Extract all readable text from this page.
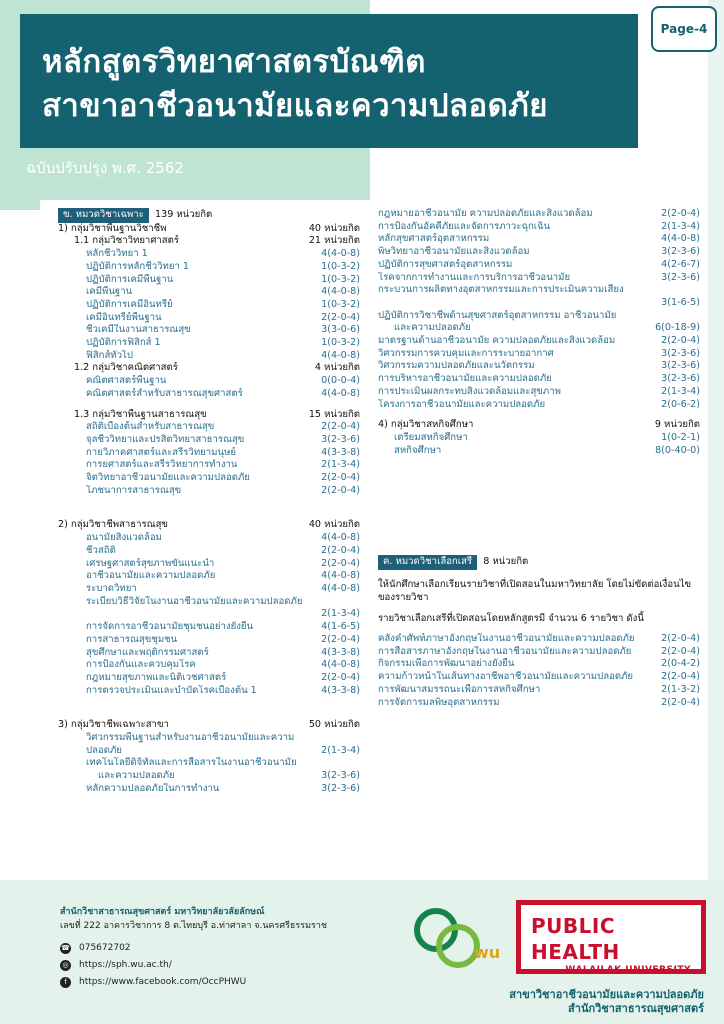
หลักสูตรวิทยาศาสตรบัณฑิต
สาขาอาชีวอนามัยและความปลอดภัย
Page-4
ฉบับปรับปรุง พ.ศ. 2562
ข. หมวดวิชาเฉพาะ 139 หน่วยกิต
1) กลุ่มวิชาพื้นฐานวิชาชีพ	40 หน่วยกิต
1.1 กลุ่มวิชาวิทยาศาสตร์	21 หน่วยกิต
หลักชีววิทยา 1	4(4-0-8)
ปฏิบัติการหลักชีววิทยา 1	1(0-3-2)
ปฏิบัติการเคมีพื้นฐาน	1(0-3-2)
เคมีพื้นฐาน	4(4-0-8)
ปฏิบัติการเคมีอินทรีย์	1(0-3-2)
เคมีอินทรีย์พื้นฐาน	2(2-0-4)
ชีวเคมีในงานสาธารณสุข	3(3-0-6)
ปฏิบัติการฟิสิกส์ 1	1(0-3-2)
ฟิสิกส์ทั่วไป	4(4-0-8)
1.2 กลุ่มวิชาคณิตศาสตร์	4 หน่วยกิต
คณิตศาสตร์พื้นฐาน	0(0-0-4)
คณิตศาสตร์สำหรับสาธารณสุขศาสตร์	4(4-0-8)
1.3 กลุ่มวิชาพื้นฐานสาธารณสุข	15 หน่วยกิต
สถิติเบื้องต้นสำหรับสาธารณสุข	2(2-0-4)
จุลชีววิทยาและปรสิตวิทยาสาธารณสุข	3(2-3-6)
กายวิภาคศาสตร์และสรีรวิทยามนุษย์	4(3-3-8)
การยศาสตร์และสรีรวิทยาการทำงาน	2(1-3-4)
จิตวิทยาอาชีวอนามัยและความปลอดภัย	2(2-0-4)
โภชนาการสาธารณสุข	2(2-0-4)
2) กลุ่มวิชาชีพสาธารณสุข	40 หน่วยกิต
อนามัยสิ่งแวดล้อม	4(4-0-8)
ชีวสถิติ	2(2-0-4)
เศรษฐศาสตร์สุขภาพขั้นแนะนำ	2(2-0-4)
อาชีวอนามัยและความปลอดภัย	4(4-0-8)
ระบาดวิทยา	4(4-0-8)
ระเบียบวิธีวิจัยในงานอาชีวอนามัยและความปลอดภัย
2(1-3-4)
การจัดการอาชีวอนามัยชุมชนอย่างยั่งยืน	4(1-6-5)
การสาธารณสุขชุมชน	2(2-0-4)
สุขศึกษาและพฤติกรรมศาสตร์	4(3-3-8)
การป้องกันและควบคุมโรค	4(4-0-8)
กฎหมายสุขภาพและนิติเวชศาสตร์	2(2-0-4)
การตรวจประเมินและบำบัดโรคเบื้องต้น 1	4(3-3-8)
3) กลุ่มวิชาชีพเฉพาะสาขา	50 หน่วยกิต
วิศวกรรมพื้นฐานสำหรับงานอาชีวอนามัยและความ
ปลอดภัย	2(1-3-4)
เทคโนโลยีดิจิทัลและการสื่อสารในงานอาชีวอนามัย
และความปลอดภัย	3(2-3-6)
หลักความปลอดภัยในการทำงาน	3(2-3-6)
กฎหมายอาชีวอนามัย ความปลอดภัยและสิ่งแวดล้อม	2(2-0-4)
การป้องกันอัคคีภัยและจัดการภาวะฉุกเฉิน	2(1-3-4)
หลักสุขศาสตร์อุตสาหกรรม	4(4-0-8)
พิษวิทยาอาชีวอนามัยและสิ่งแวดล้อม	3(2-3-6)
ปฏิบัติการสุขศาสตร์อุตสาหกรรม	4(2-6-7)
โรคจากการทำงานและการบริการอาชีวอนามัย	3(2-3-6)
กระบวนการผลิตทางอุตสาหกรรมและการประเมินความเสี่ยง
3(1-6-5)
ปฏิบัติการวิชาชีพด้านสุขศาสตร์อุตสาหกรรม อาชีวอนามัย
และความปลอดภัย	6(0-18-9)
มาตรฐานด้านอาชีวอนามัย ความปลอดภัยและสิ่งแวดล้อม	2(2-0-4)
วิศวกรรมการควบคุมและการระบายอากาศ	3(2-3-6)
วิศวกรรมความปลอดภัยและนวัตกรรม	3(2-3-6)
การบริหารอาชีวอนามัยและความปลอดภัย	3(2-3-6)
การประเมินผลกระทบสิ่งแวดล้อมและสุขภาพ	2(1-3-4)
โครงการอาชีวอนามัยและความปลอดภัย	2(0-6-2)
4) กลุ่มวิชาสหกิจศึกษา	9 หน่วยกิต
เตรียมสหกิจศึกษา	1(0-2-1)
สหกิจศึกษา	8(0-40-0)
ค. หมวดวิชาเลือกเสรี 8 หน่วยกิต
ให้นักศึกษาเลือกเรียนรายวิชาที่เปิดสอนในมหาวิทยาลัย โดยไม่ขัดต่อเงื่อนไข
ของรายวิชา
รายวิชาเลือกเสรีที่เปิดสอนโดยหลักสูตรมี จำนวน 6 รายวิชา ดังนี้
คลังคำศัพท์ภาษาอังกฤษในงานอาชีวอนามัยและความปลอดภัย	2(2-0-4)
การสื่อสารภาษาอังกฤษในงานอาชีวอนามัยและความปลอดภัย	2(2-0-4)
กิจกรรมเพื่อการพัฒนาอย่างยั่งยืน	2(0-4-2)
ความก้าวหน้าในเส้นทางอาชีพอาชีวอนามัยและความปลอดภัย	2(2-0-4)
การพัฒนาสมรรถนะเพื่อการสหกิจศึกษา	2(1-3-2)
การจัดการมลพิษอุตสาหกรรม	2(2-0-4)
สำนักวิชาสาธารณสุขศาสตร์ มหาวิทยาลัยวลัยลักษณ์
เลขที่ 222 อาคารวิชาการ 8 ต.ไทยบุรี อ.ท่าศาลา จ.นครศรีธรรมราช
☎ 075672702
◎ https://sph.wu.ac.th/
f	https://www.facebook.com/OccPHWU
wu
PUBLIC HEALTH
WALAILAK UNIVERSITY
สาขาวิชาอาชีวอนามัยและความปลอดภัย
สำนักวิชาสาธารณสุขศาสตร์
